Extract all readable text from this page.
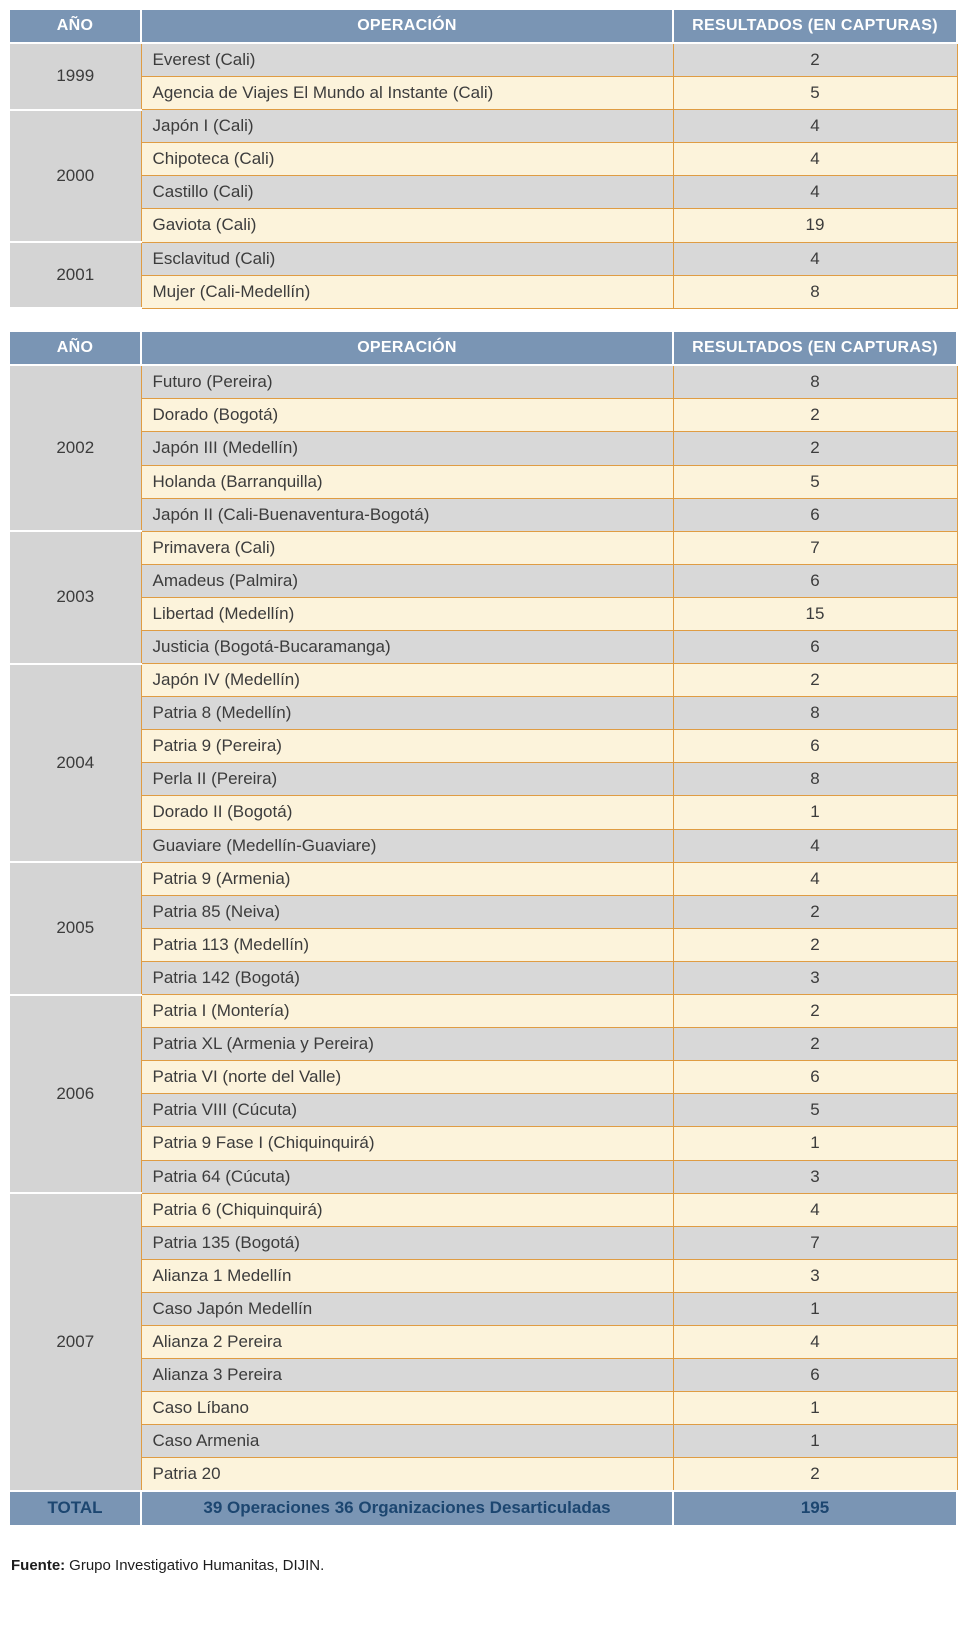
AÑO	OPERACIÓN	RESULTADOS (EN CAPTURAS)
1999	Everest (Cali)	2
	Agencia de Viajes El Mundo al Instante (Cali)	5
2000	Japón I (Cali)	4
	Chipoteca (Cali)	4
	Castillo (Cali)	4
	Gaviota (Cali)	19
2001	Esclavitud (Cali)	4
	Mujer (Cali-Medellín)	8
AÑO	OPERACIÓN	RESULTADOS (EN CAPTURAS)
2002	Futuro (Pereira)	8
	Dorado (Bogotá)	2
	Japón III (Medellín)	2
	Holanda (Barranquilla)	5
	Japón II (Cali-Buenaventura-Bogotá)	6
2003	Primavera (Cali)	7
	Amadeus (Palmira)	6
	Libertad (Medellín)	15
	Justicia (Bogotá-Bucaramanga)	6
2004	Japón IV (Medellín)	2
	Patria 8 (Medellín)	8
	Patria 9 (Pereira)	6
	Perla II (Pereira)	8
	Dorado II (Bogotá)	1
	Guaviare (Medellín-Guaviare)	4
2005	Patria 9 (Armenia)	4
	Patria 85 (Neiva)	2
	Patria 113 (Medellín)	2
	Patria 142 (Bogotá)	3
2006	Patria I (Montería)	2
	Patria XL (Armenia y Pereira)	2
	Patria VI (norte del Valle)	6
	Patria VIII (Cúcuta)	5
	Patria 9 Fase I (Chiquinquirá)	1
	Patria 64 (Cúcuta)	3
2007	Patria 6 (Chiquinquirá)	4
	Patria 135 (Bogotá)	7
	Alianza 1 Medellín	3
	Caso Japón Medellín	1
	Alianza 2 Pereira	4
	Alianza 3 Pereira	6
	Caso Líbano	1
	Caso Armenia	1
	Patria 20	2
TOTAL	39 Operaciones 36 Organizaciones Desarticuladas	195

Fuente: Grupo Investigativo Humanitas, DIJIN.
